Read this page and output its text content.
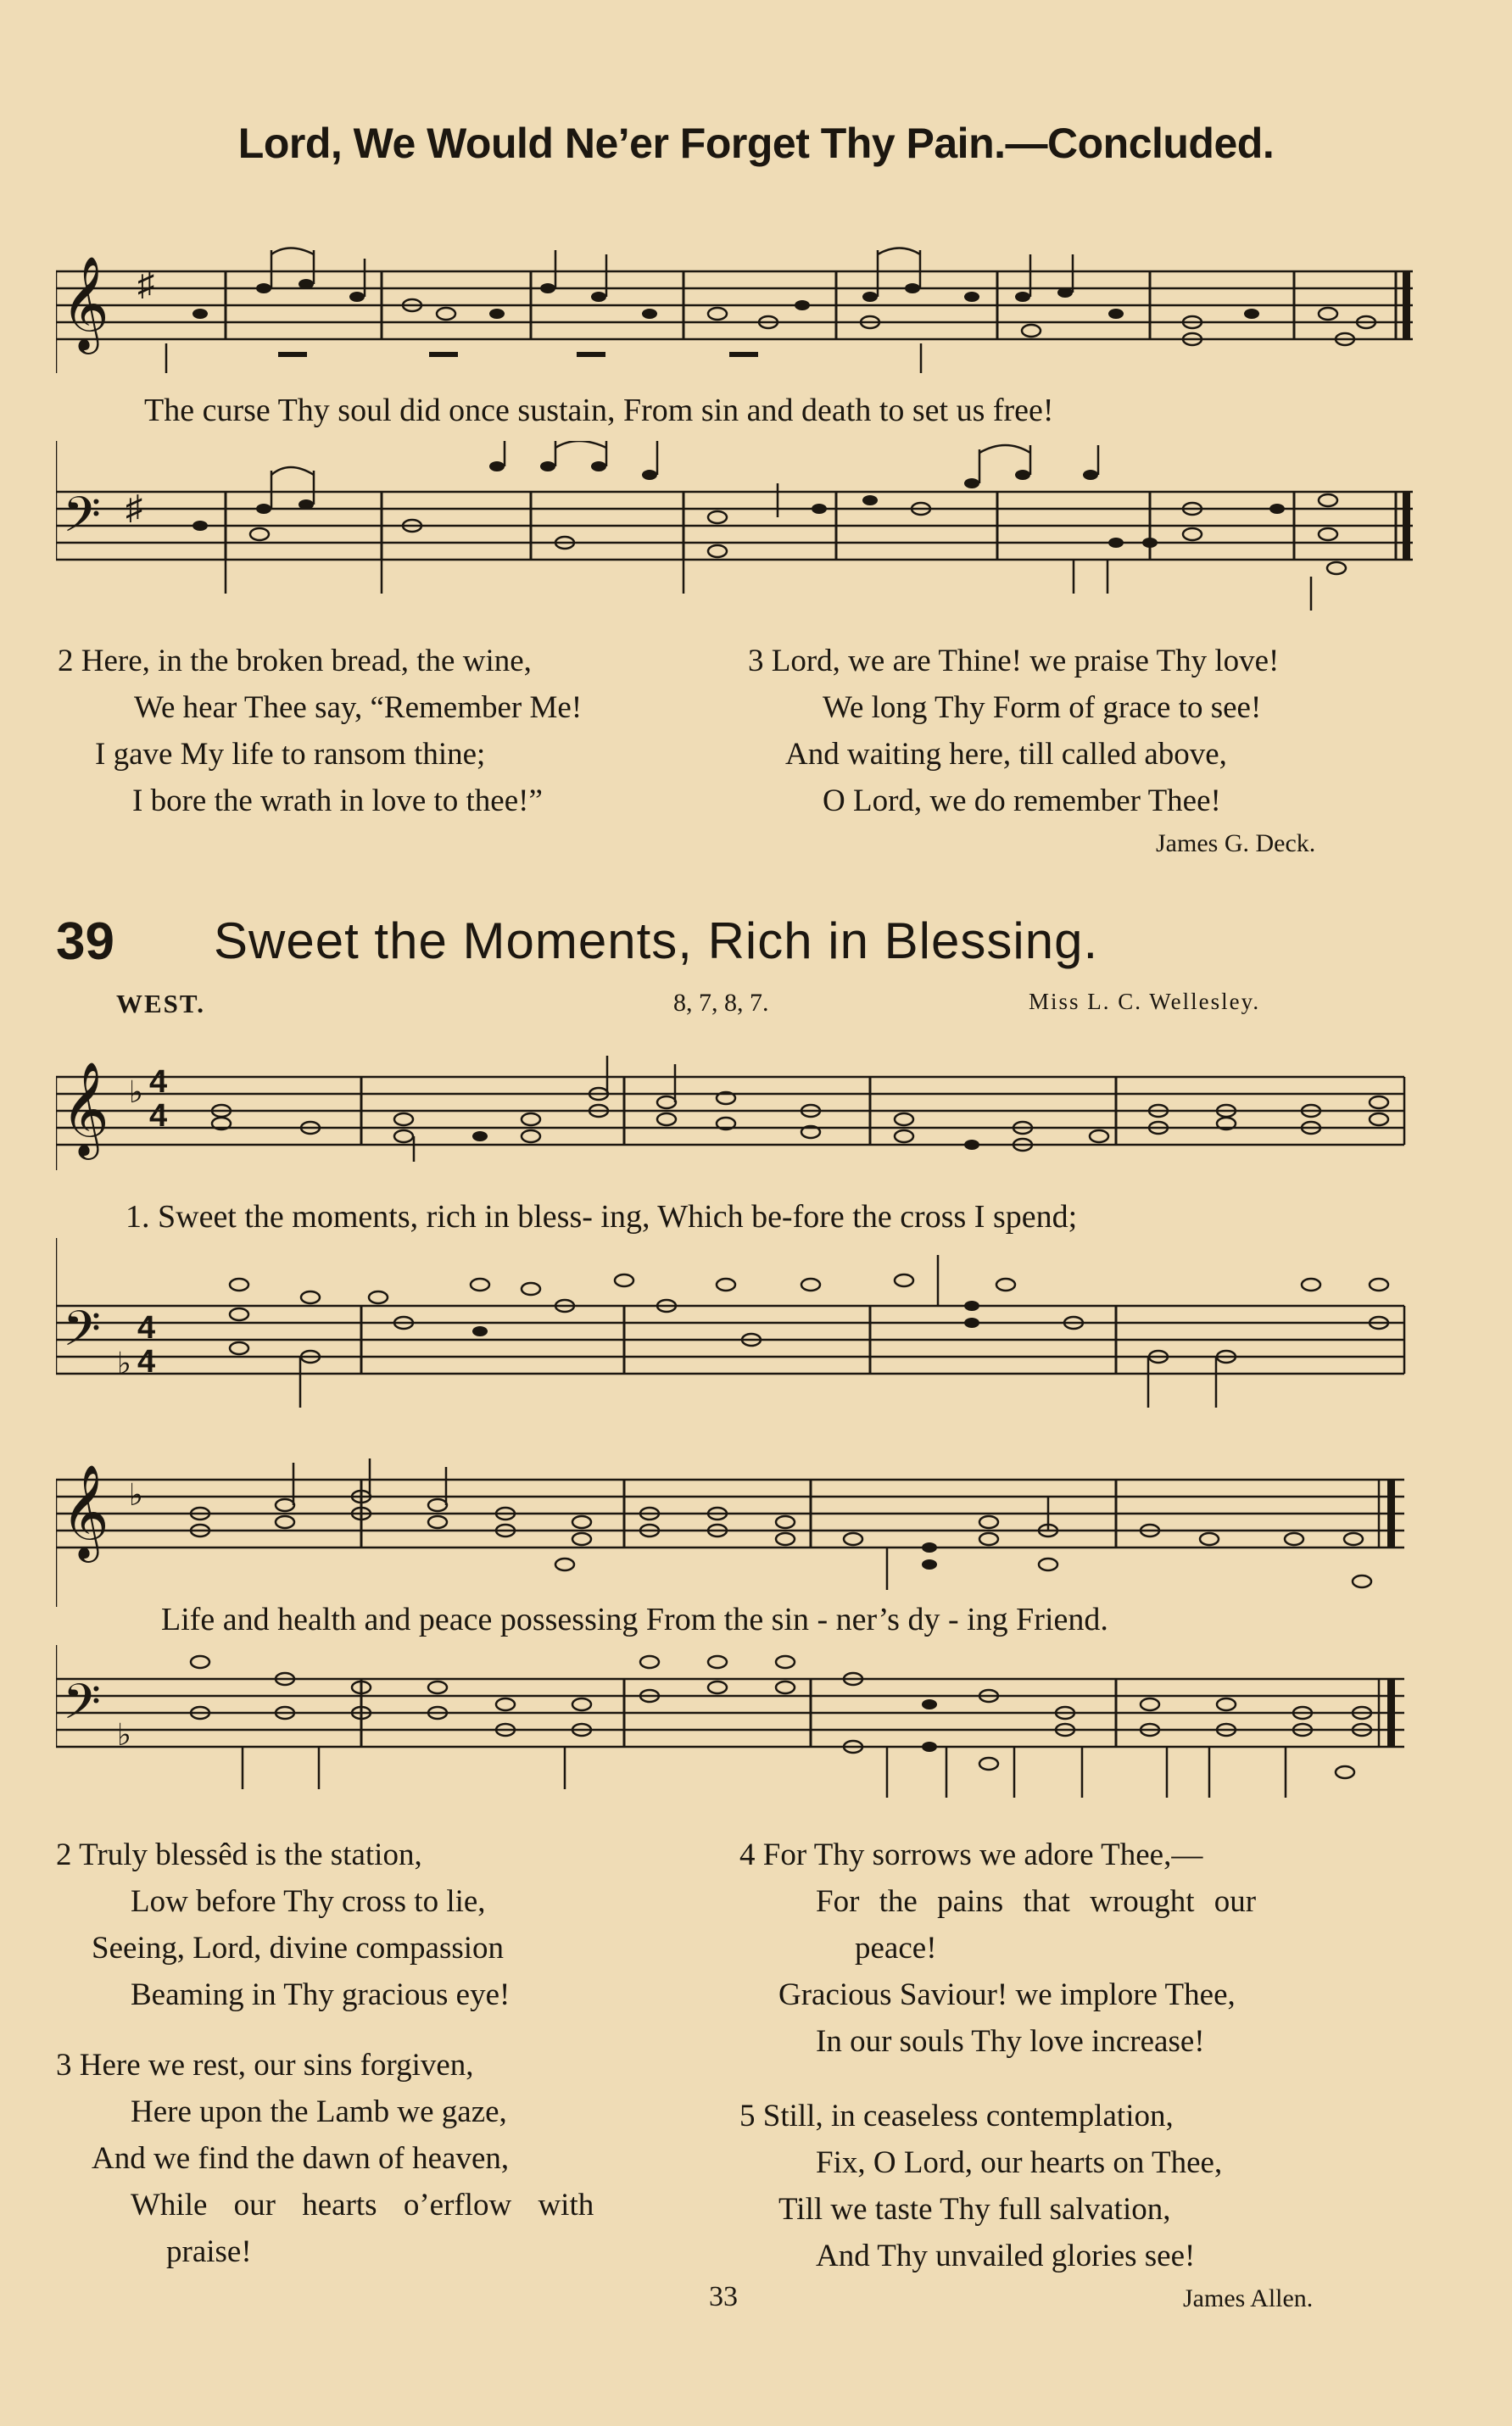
Lord, We Would Ne’er Forget Thy Pain.—Concluded.
𝄞 ♯
The curse Thy soul did once sustain, From sin and death to set us free!
𝄢 ♯
2 Here, in the broken bread, the wine,
We hear Thee say, “Remember Me!
I gave My life to ransom thine;
I bore the wrath in love to thee!”
3 Lord, we are Thine! we praise Thy love!
We long Thy Form of grace to see!
And waiting here, till called above,
O Lord, we do remember Thee!
James G. Deck.
39 Sweet the Moments, Rich in Blessing.
WEST.	8, 7, 8, 7.	Miss L. C. Wellesley.
𝄞 ♭ 4
4
1. Sweet the moments, rich in bless- ing, Which be-fore the cross I spend;
𝄢 ♭
4
4
𝄞 ♭
Life and health and peace possessing From the sin - ner’s dy - ing Friend.
𝄢 ♭
2 Truly blessêd is the station,
Low before Thy cross to lie,
Seeing, Lord, divine compassion
Beaming in Thy gracious eye!
3 Here we rest, our sins forgiven,
Here upon the Lamb we gaze,
And we find the dawn of heaven,
While our hearts o’erflow with
praise!
4 For Thy sorrows we adore Thee,—
For the pains that wrought our
peace!
Gracious Saviour! we implore Thee,
In our souls Thy love increase!
5 Still, in ceaseless contemplation,
Fix, O Lord, our hearts on Thee,
Till we taste Thy full salvation,
And Thy unvailed glories see!
33	James Allen.
